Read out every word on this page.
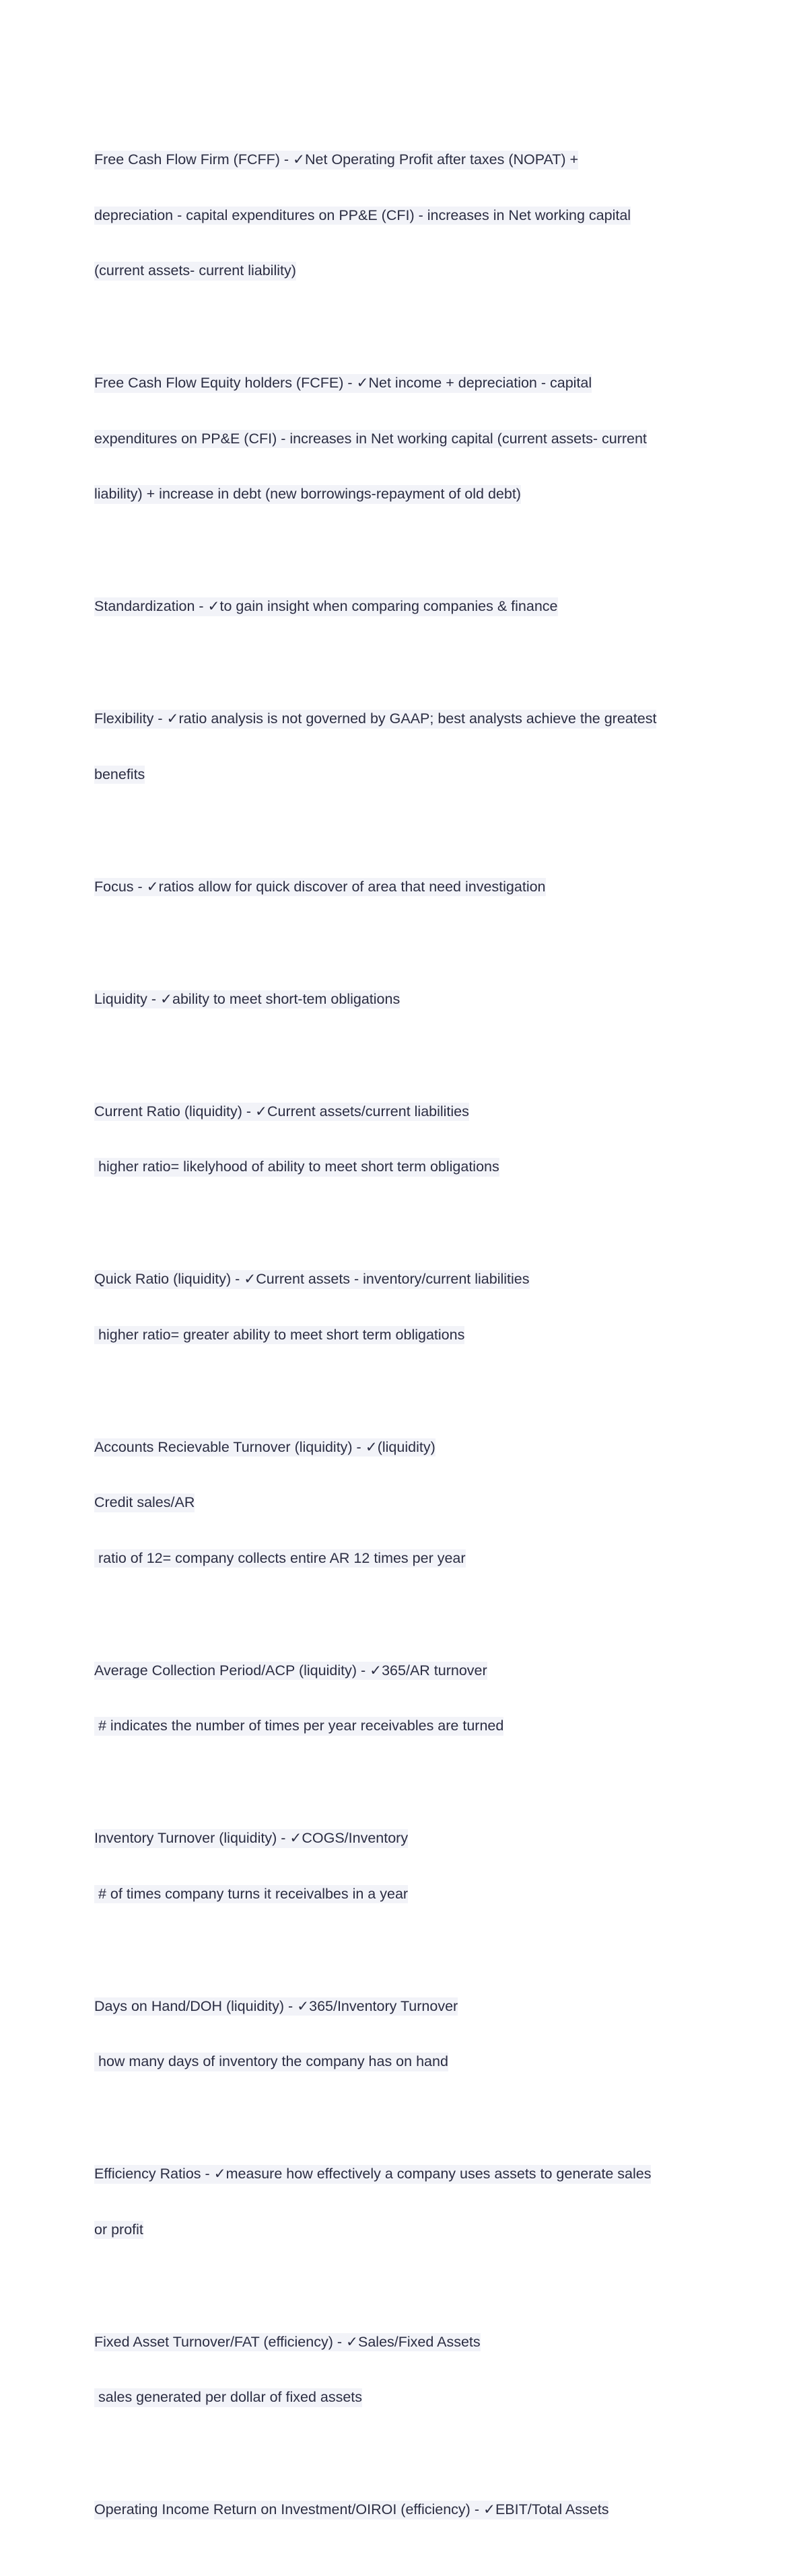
Free Cash Flow Firm (FCFF) - ✓Net Operating Profit after taxes (NOPAT) +

depreciation - capital expenditures on PP&E (CFI) - increases in Net working capital

(current assets- current liability)

Free Cash Flow Equity holders (FCFE) - ✓Net income + depreciation - capital

expenditures on PP&E (CFI) - increases in Net working capital (current assets- current

liability) + increase in debt (new borrowings-repayment of old debt)

Standardization - ✓to gain insight when comparing companies & finance

Flexibility - ✓ratio analysis is not governed by GAAP; best analysts achieve the greatest

benefits

Focus - ✓ratios allow for quick discover of area that need investigation

Liquidity - ✓ability to meet short-tem obligations

Current Ratio (liquidity) - ✓Current assets/current liabilities

higher ratio= likelyhood of ability to meet short term obligations

Quick Ratio (liquidity) - ✓Current assets - inventory/current liabilities

higher ratio= greater ability to meet short term obligations

Accounts Recievable Turnover (liquidity) - ✓(liquidity)

Credit sales/AR

ratio of 12= company collects entire AR 12 times per year

Average Collection Period/ACP (liquidity) - ✓365/AR turnover

# indicates the number of times per year receivables are turned

Inventory Turnover (liquidity) - ✓COGS/Inventory

# of times company turns it receivalbes in a year

Days on Hand/DOH (liquidity) - ✓365/Inventory Turnover

how many days of inventory the company has on hand

Efficiency Ratios - ✓measure how effectively a company uses assets to generate sales

or profit

Fixed Asset Turnover/FAT (efficiency) - ✓Sales/Fixed Assets

sales generated per dollar of fixed assets

Operating Income Return on Investment/OIROI (efficiency) - ✓EBIT/Total Assets
